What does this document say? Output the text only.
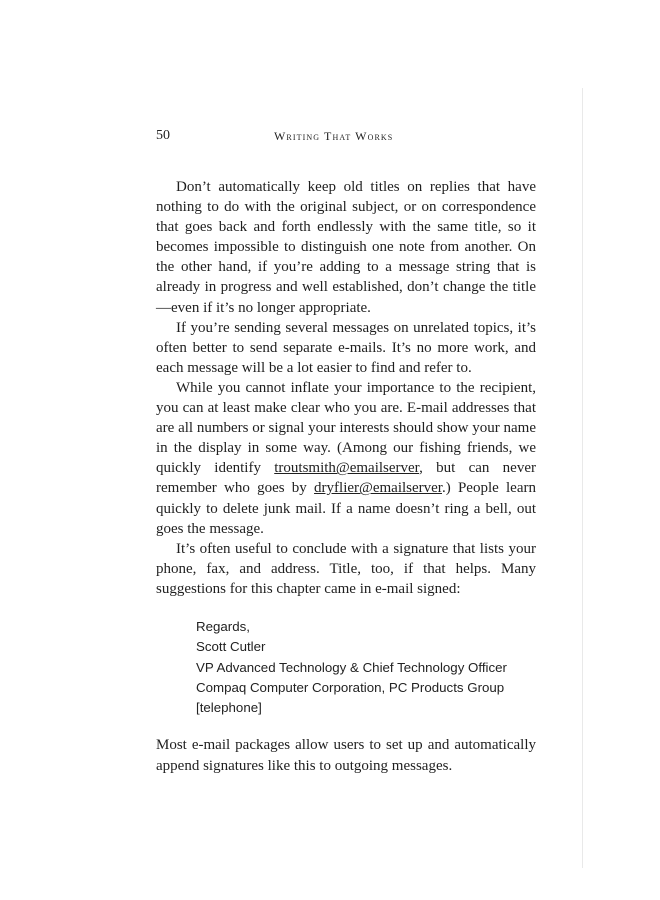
50	Writing That Works

Don’t automatically keep old titles on replies that have nothing to do with the original subject, or on correspondence that goes back and forth endlessly with the same title, so it becomes impossible to distinguish one note from another. On the other hand, if you’re adding to a message string that is already in progress and well established, don’t change the title—even if it’s no longer appropriate.

If you’re sending several messages on unrelated topics, it’s often better to send separate e-mails. It’s no more work, and each message will be a lot easier to find and refer to.

While you cannot inflate your importance to the recipient, you can at least make clear who you are. E-mail addresses that are all numbers or signal your interests should show your name in the display in some way. (Among our fishing friends, we quickly identify troutsmith@emailserver, but can never remember who goes by dryflier@emailserver.) People learn quickly to delete junk mail. If a name doesn’t ring a bell, out goes the message.

It’s often useful to conclude with a signature that lists your phone, fax, and address. Title, too, if that helps. Many suggestions for this chapter came in e-mail signed:

Regards,
Scott Cutler
VP Advanced Technology & Chief Technology Officer
Compaq Computer Corporation, PC Products Group
[telephone]

Most e-mail packages allow users to set up and automatically append signatures like this to outgoing messages.
